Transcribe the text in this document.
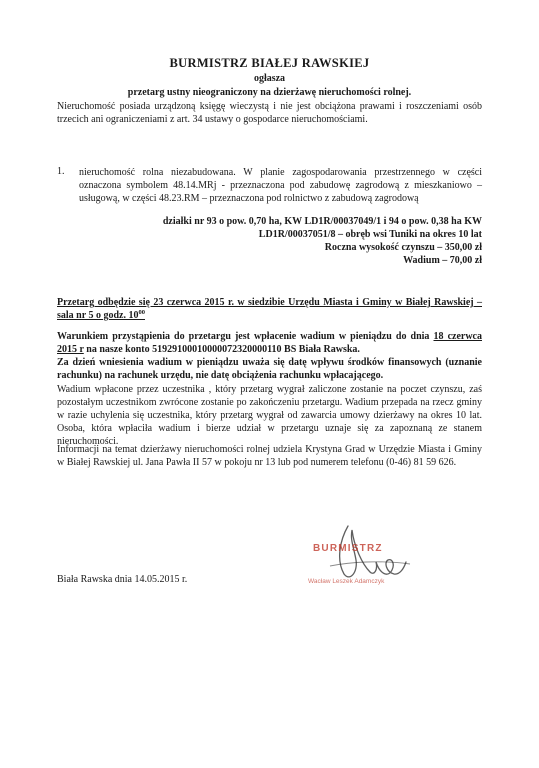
BURMISTRZ BIAŁEJ RAWSKIEJ
ogłasza
przetarg ustny nieograniczony na dzierżawę nieruchomości rolnej.
Nieruchomość posiada urządzoną księgę wieczystą i nie jest obciążona prawami i roszczeniami osób trzecich ani ograniczeniami z art. 34 ustawy o gospodarce nieruchomościami.
1. nieruchomość rolna niezabudowana. W planie zagospodarowania przestrzennego w części oznaczona symbolem 48.14.MRj - przeznaczona pod zabudowę zagrodową z mieszkaniowo – usługową, w części 48.23.RM – przeznaczona pod rolnictwo z zabudową zagrodową
działki nr 93 o pow. 0,70 ha, KW LD1R/00037049/1 i 94 o pow. 0,38 ha KW
LD1R/00037051/8 – obręb wsi Tuniki na okres 10 lat
Roczna wysokość czynszu – 350,00 zł
Wadium – 70,00 zł
Przetarg odbędzie się 23 czerwca 2015 r. w siedzibie Urzędu Miasta i Gminy w Białej Rawskiej – sala nr 5 o godz. $10^{00}$
Warunkiem przystąpienia do przetargu jest wpłacenie wadium w pieniądzu do dnia 18 czerwca 2015 r na nasze konto 51929100010000072320000110 BS Biała Rawska.
Za dzień wniesienia wadium w pieniądzu uważa się datę wpływu środków finansowych (uznanie rachunku) na rachunek urzędu, nie datę obciążenia rachunku wpłacającego.
Wadium wpłacone przez uczestnika , który przetarg wygrał zaliczone zostanie na poczet czynszu, zaś pozostałym uczestnikom zwrócone zostanie po zakończeniu przetargu. Wadium przepada na rzecz gminy w razie uchylenia się uczestnika, który przetarg wygrał od zawarcia umowy dzierżawy na okres 10 lat. Osoba, która wpłaciła wadium i bierze udział w przetargu uznaje się za zapoznaną ze stanem nieruchomości.
Informacji na temat dzierżawy nieruchomości rolnej udziela Krystyna Grad w Urzędzie Miasta i Gminy w Białej Rawskiej ul. Jana Pawła II 57 w pokoju nr 13 lub pod numerem telefonu (0-46) 81 59 626.
Biała Rawska dnia 14.05.2015 r.
BURMISTRZ
Wacław Leszek Adamczyk
